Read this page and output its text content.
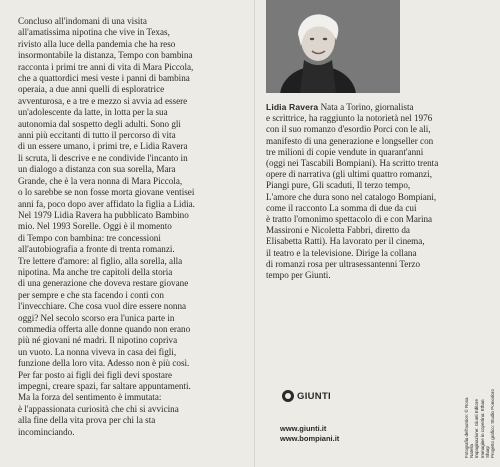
Concluso all'indomani di una visita
all'amatissima nipotina che vive in Texas,
rivisto alla luce della pandemia che ha reso
insormontabile la distanza, Tempo con bambina
racconta i primi tre anni di vita di Mara Piccola,
che a quattordici mesi veste i panni di bambina
operaia, a due anni quelli di esploratrice
avventurosa, e a tre e mezzo si avvia ad essere
un'adolescente da latte, in lotta per la sua
autonomia dal sospetto degli adulti. Sono gli
anni più eccitanti di tutto il percorso di vita
di un essere umano, i primi tre, e Lidia Ravera
li scruta, li descrive e ne condivide l'incanto in
un dialogo a distanza con sua sorella, Mara
Grande, che è la vera nonna di Mara Piccola,
o lo sarebbe se non fosse morta giovane ventisei
anni fa, poco dopo aver affidato la figlia a Lidia.
Nel 1979 Lidia Ravera ha pubblicato Bambino
mio. Nel 1993 Sorelle. Oggi è il momento
di Tempo con bambina: tre concessioni
all'autobiografia a fronte di trenta romanzi.
Tre lettere d'amore: al figlio, alla sorella, alla
nipotina. Ma anche tre capitoli della storia
di una generazione che doveva restare giovane
per sempre e che sta facendo i conti con
l'invecchiare. Che cosa vuol dire essere nonna
oggi? Nel secolo scorso era l'unica parte in
commedia offerta alle donne quando non erano
più né giovani né madri. Il nipotino copriva
un vuoto. La nonna viveva in casa dei figli,
funzione della loro vita. Adesso non è più così.
Per far posto ai figli dei figli devi spostare
impegni, creare spazi, far saltare appuntamenti.
Ma la forza del sentimento è immutata:
è l'appassionata curiosità che chi si avvicina
alla fine della vita prova per chi la sta
incominciando.

Lidia Ravera Nata a Torino, giornalista
e scrittrice, ha raggiunto la notorietà nel 1976
con il suo romanzo d'esordio Porci con le ali,
manifesto di una generazione e longseller con
tre milioni di copie vendute in quarant'anni
(oggi nei Tascabili Bompiani). Ha scritto trenta
opere di narrativa (gli ultimi quattro romanzi,
Piangi pure, Gli scaduti, Il terzo tempo,
L'amore che dura sono nel catalogo Bompiani,
come il racconto La somma di due da cui
è tratto l'omonimo spettacolo di e con Marina
Massironi e Nicoletta Fabbri, diretto da
Elisabetta Ratti). Ha lavorato per il cinema,
il teatro e la televisione. Dirige la collana
di romanzi rosa per ultrasessantenni Terzo
tempo per Giunti.
GIUNTI
www.giunti.it
www.bompiani.it	Fotografia dell'autrice: © Rosa Natella
Impaginazione: Giunti Editore
Immagine in copertina: Ethan Sharp
Progetto grafico: Studio Pomodoro
